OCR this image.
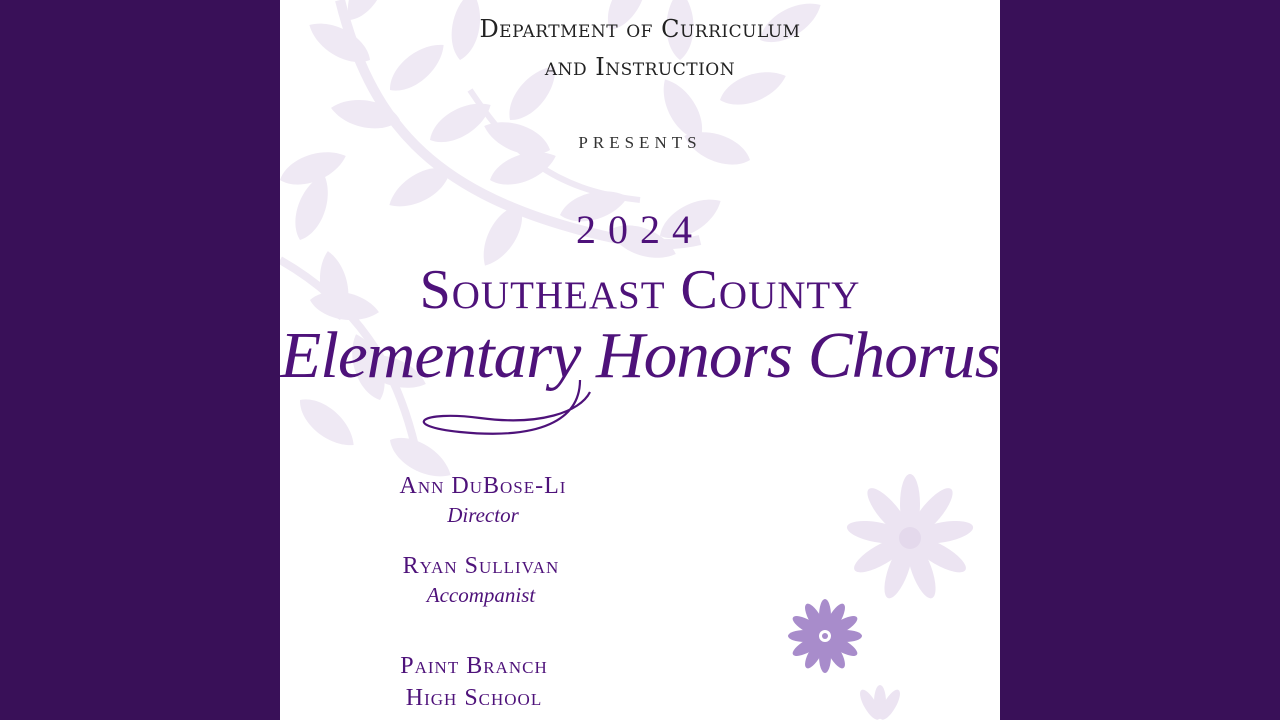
Department of Curriculum
and Instruction
PRESENTS
2024
Southeast County
Elementary Honors Chorus
Ann DuBose-Li
Director
Ryan Sullivan
Accompanist
Paint Branch
High School
